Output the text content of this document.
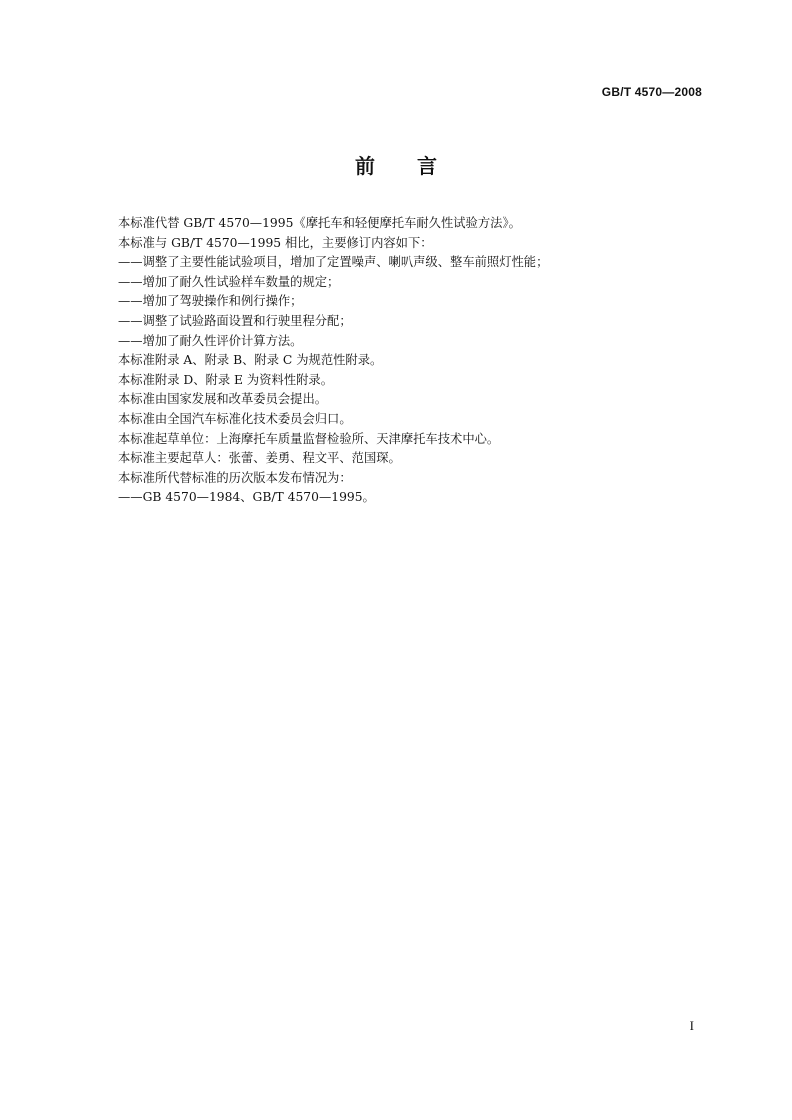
GB/T 4570—2008
前言
本标准代替 GB/T 4570—1995《摩托车和轻便摩托车耐久性试验方法》。
本标准与 GB/T 4570—1995 相比，主要修订内容如下：
——调整了主要性能试验项目，增加了定置噪声、喇叭声级、整车前照灯性能；
——增加了耐久性试验样车数量的规定；
——增加了驾驶操作和例行操作；
——调整了试验路面设置和行驶里程分配；
——增加了耐久性评价计算方法。
本标准附录 A、附录 B、附录 C 为规范性附录。
本标准附录 D、附录 E 为资料性附录。
本标准由国家发展和改革委员会提出。
本标准由全国汽车标准化技术委员会归口。
本标准起草单位：上海摩托车质量监督检验所、天津摩托车技术中心。
本标准主要起草人：张蕾、姜勇、程文平、范国琛。
本标准所代替标准的历次版本发布情况为：
——GB 4570—1984、GB/T 4570—1995。
I
